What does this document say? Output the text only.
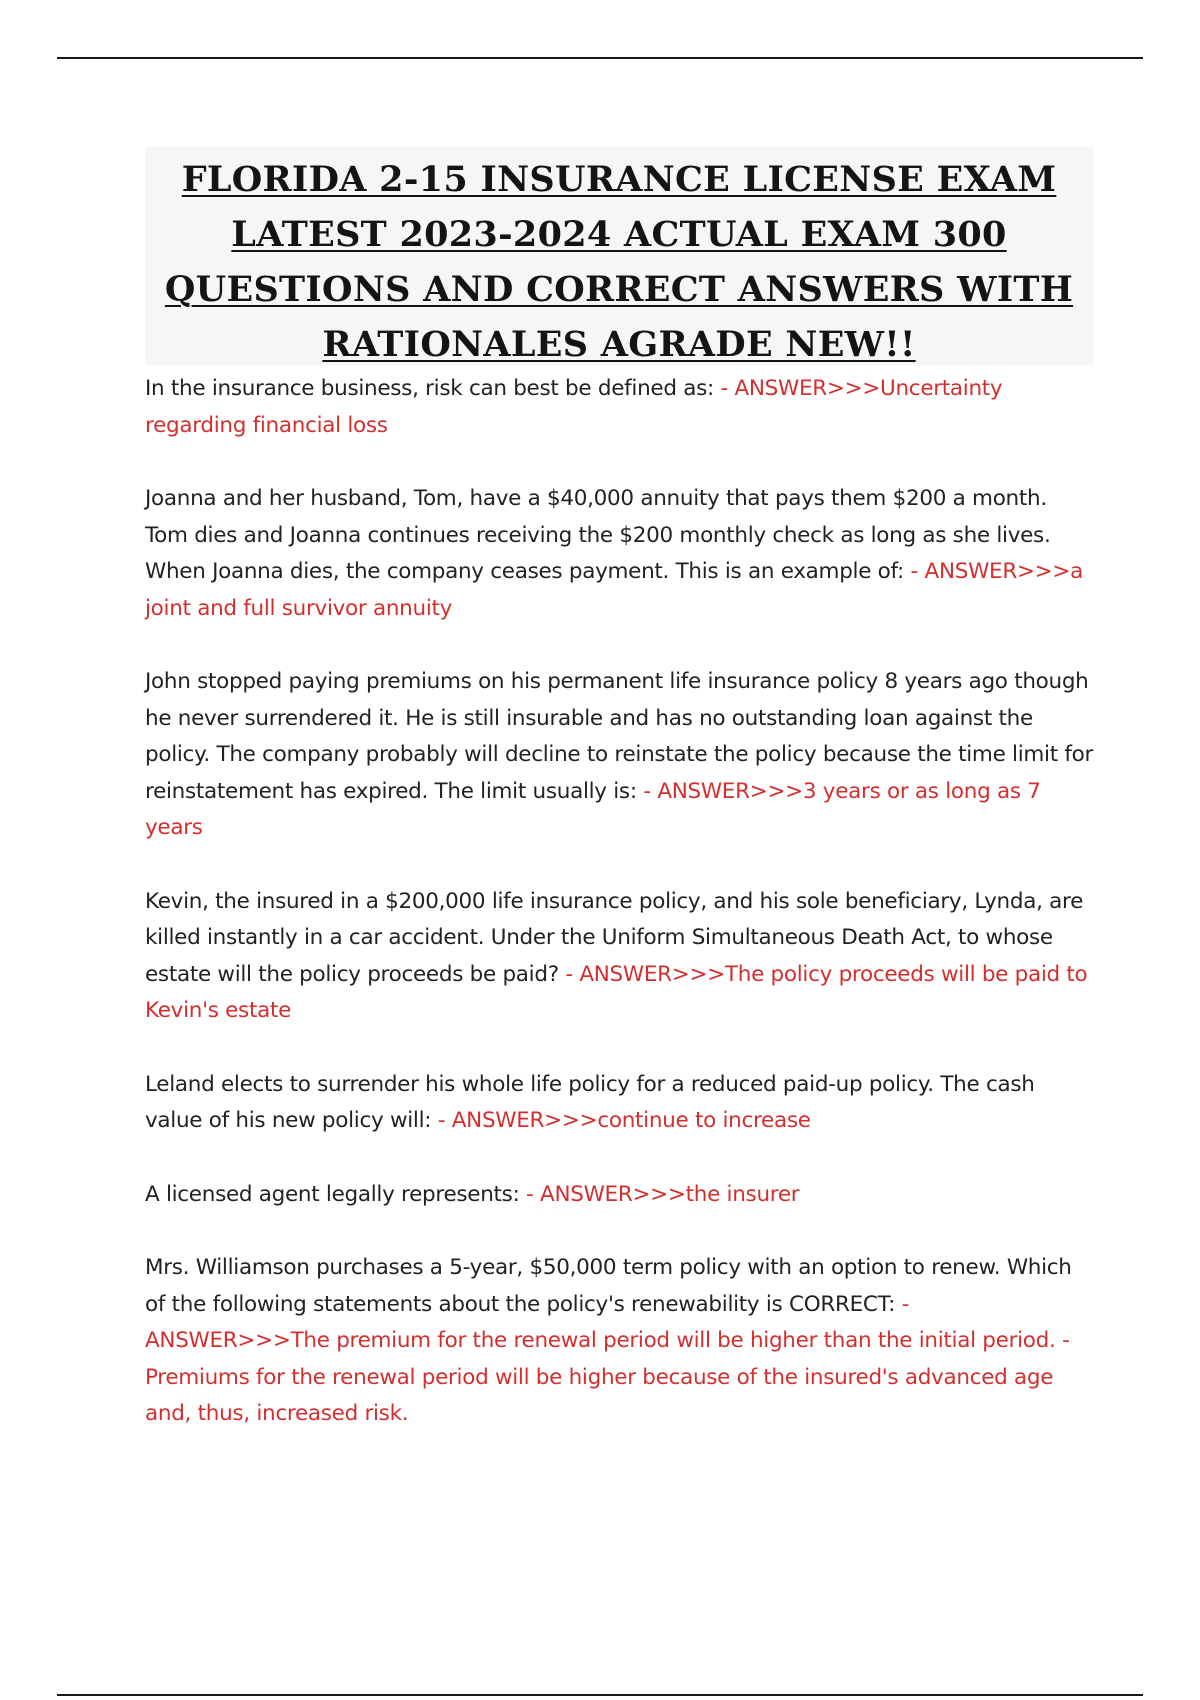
FLORIDA 2-15 INSURANCE LICENSE EXAM LATEST 2023-2024 ACTUAL EXAM 300 QUESTIONS AND CORRECT ANSWERS WITH RATIONALES AGRADE NEW!!

In the insurance business, risk can best be defined as: - ANSWER>>>Uncertainty regarding financial loss

Joanna and her husband, Tom, have a $40,000 annuity that pays them $200 a month. Tom dies and Joanna continues receiving the $200 monthly check as long as she lives. When Joanna dies, the company ceases payment. This is an example of: - ANSWER>>>a joint and full survivor annuity

John stopped paying premiums on his permanent life insurance policy 8 years ago though he never surrendered it. He is still insurable and has no outstanding loan against the policy. The company probably will decline to reinstate the policy because the time limit for reinstatement has expired. The limit usually is: - ANSWER>>>3 years or as long as 7 years

Kevin, the insured in a $200,000 life insurance policy, and his sole beneficiary, Lynda, are killed instantly in a car accident. Under the Uniform Simultaneous Death Act, to whose estate will the policy proceeds be paid? - ANSWER>>>The policy proceeds will be paid to Kevin's estate

Leland elects to surrender his whole life policy for a reduced paid-up policy. The cash value of his new policy will: - ANSWER>>>continue to increase

A licensed agent legally represents: - ANSWER>>>the insurer

Mrs. Williamson purchases a 5-year, $50,000 term policy with an option to renew. Which of the following statements about the policy's renewability is CORRECT: - ANSWER>>>The premium for the renewal period will be higher than the initial period. - Premiums for the renewal period will be higher because of the insured's advanced age and, thus, increased risk.
